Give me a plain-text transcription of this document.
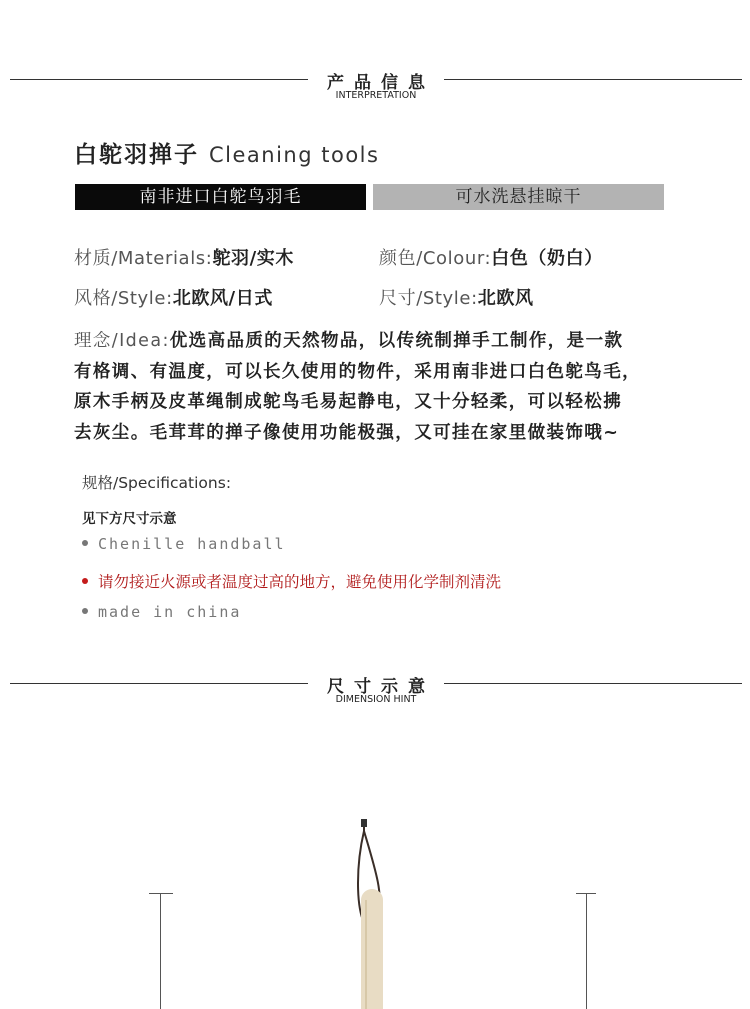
产品信息
INTERPRETATION
白鸵羽掸子 Cleaning tools
南非进口白鸵鸟羽毛	可水洗悬挂晾干
材质/Materials:鸵羽/实木	颜色/Colour:白色（奶白）
风格/Style:北欧风/日式	尺寸/Style:北欧风
理念/Idea:优选高品质的天然物品，以传统制掸手工制作，是一款
有格调、有温度，可以长久使用的物件，采用南非进口白色鸵鸟毛，
原木手柄及皮革绳制成鸵鸟毛易起静电，又十分轻柔，可以轻松拂
去灰尘。毛茸茸的掸子像使用功能极强，又可挂在家里做装饰哦~
规格/Specifications:
见下方尺寸示意
Chenille handball
请勿接近火源或者温度过高的地方，避免使用化学制剂清洗
made in china
尺寸示意
DIMENSION HINT
